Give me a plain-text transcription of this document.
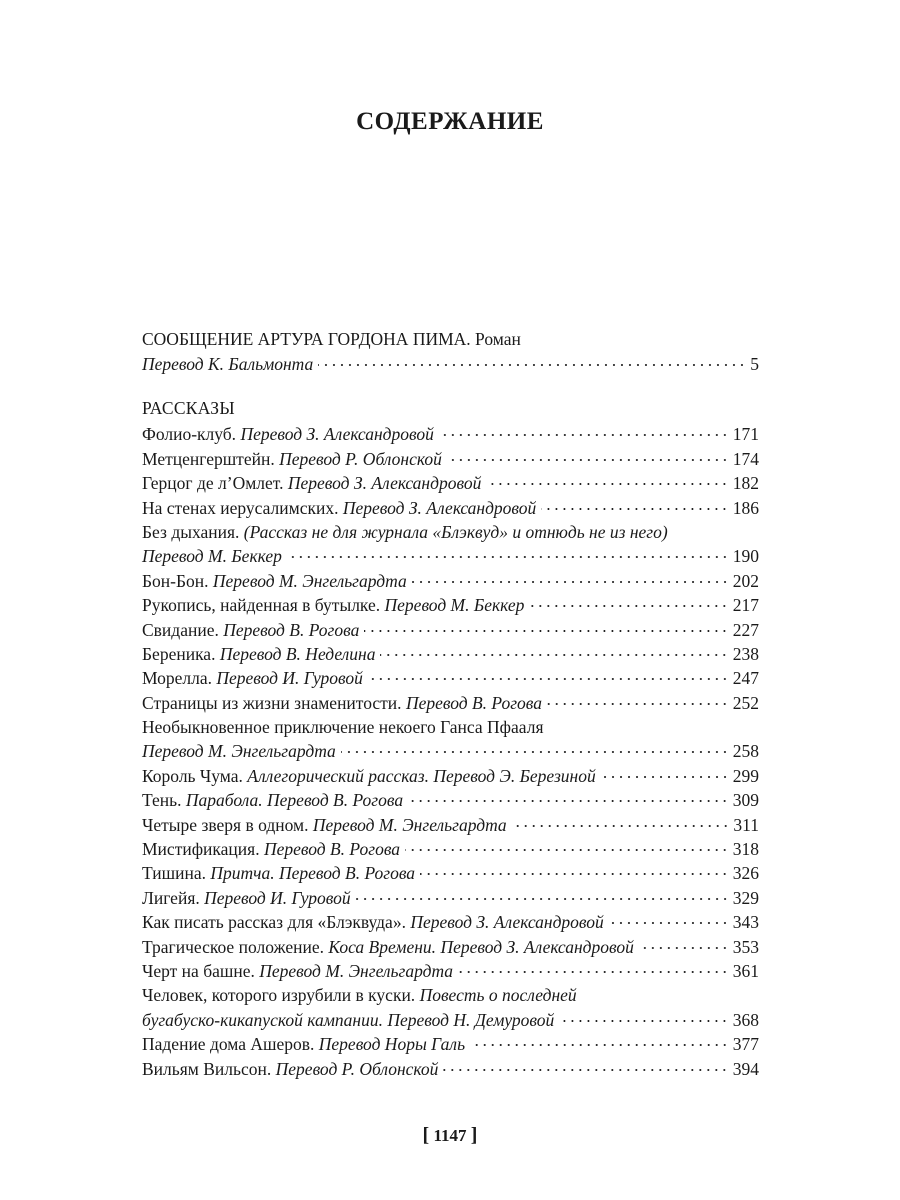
СОДЕРЖАНИЕ
СООБЩЕНИЕ АРТУРА ГОРДОНА ПИМА. Роман
Перевод К. Бальмонта	5
РАССКАЗЫ
Фолио-клуб. Перевод З. Александровой	171
Метценгерштейн. Перевод Р. Облонской	174
Герцог де л’Омлет. Перевод З. Александровой	182
На стенах иерусалимских. Перевод З. Александровой	186
Без дыхания. (Рассказ не для журнала «Блэквуд» и отнюдь не из него)
Перевод М. Беккер	190
Бон-Бон. Перевод М. Энгельгардта	202
Рукопись, найденная в бутылке. Перевод М. Беккер	217
Свидание. Перевод В. Рогова	227
Береника. Перевод В. Неделина	238
Морелла. Перевод И. Гуровой	247
Страницы из жизни знаменитости. Перевод В. Рогова	252
Необыкновенное приключение некоего Ганса Пфааля
Перевод М. Энгельгардта	258
Король Чума. Аллегорический рассказ. Перевод Э. Березиной	299
Тень. Парабола. Перевод В. Рогова	309
Четыре зверя в одном. Перевод М. Энгельгардта	311
Мистификация. Перевод В. Рогова	318
Тишина. Притча. Перевод В. Рогова	326
Лигейя. Перевод И. Гуровой	329
Как писать рассказ для «Блэквуда». Перевод З. Александровой	343
Трагическое положение. Коса Времени. Перевод З. Александровой	353
Черт на башне. Перевод М. Энгельгардта	361
Человек, которого изрубили в куски. Повесть о последней
бугабуско-кикапуской кампании. Перевод Н. Демуровой	368
Падение дома Ашеров. Перевод Норы Галь	377
Вильям Вильсон. Перевод Р. Облонской	394
[ 1147 ]
